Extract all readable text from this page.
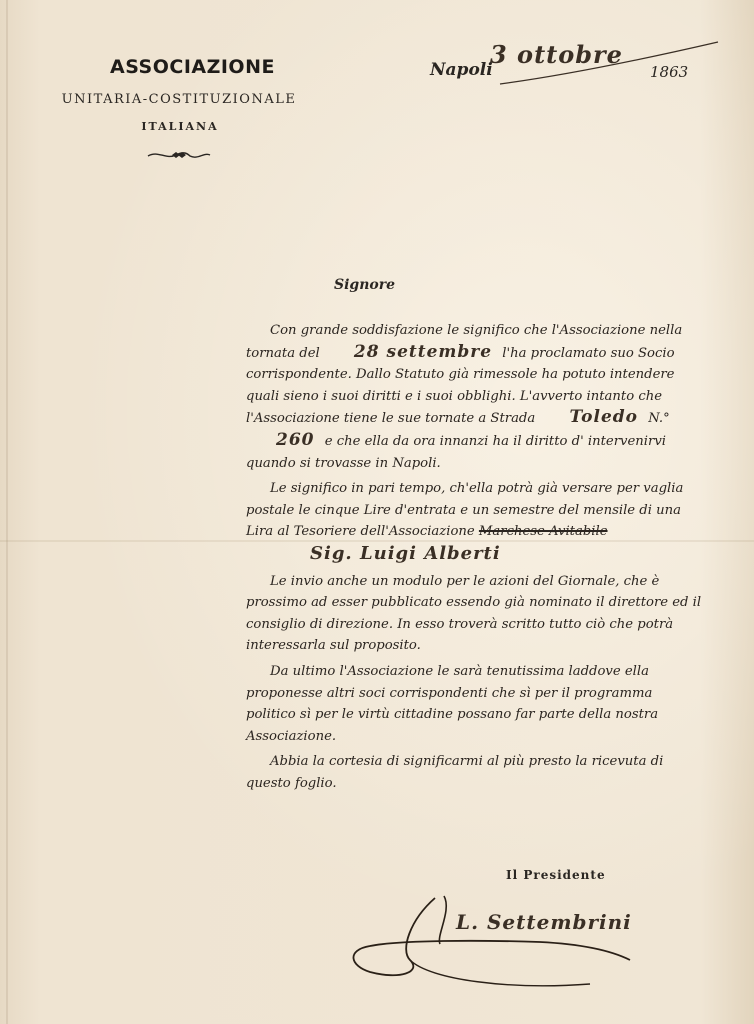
ASSOCIAZIONE
UNITARIA-COSTITUZIONALE
ITALIANA
Napoli
3 ottobre
1863
Signore

Con grande soddisfazione le significo che l'Associazione nella tornata del 28 settembre l'ha proclamato suo Socio corrispondente. Dallo Statuto già rimessole ha potuto intendere quali sieno i suoi diritti e i suoi obblighi. L'avverto intanto che l'Associazione tiene le sue tornate a Strada Toledo N.° 260 e che ella da ora innanzi ha il diritto d' intervenirvi quando si trovasse in Napoli.

Le significo in pari tempo, ch'ella potrà già versare per vaglia postale le cinque Lire d'entrata e un semestre del mensile di una Lira al Tesoriere dell'Associazione Marchese Avitabile Sig. Luigi Alberti

Le invio anche un modulo per le azioni del Giornale, che è prossimo ad esser pubblicato essendo già nominato il direttore ed il consiglio di direzione. In esso troverà scritto tutto ciò che potrà interessarla sul proposito.

Da ultimo l'Associazione le sarà tenutissima laddove ella proponesse altri soci corrispondenti che sì per il programma politico sì per le virtù cittadine possano far parte della nostra Associazione.

Abbia la cortesia di significarmi al più presto la ricevuta di questo foglio.

Il Presidente
L. Settembrini
